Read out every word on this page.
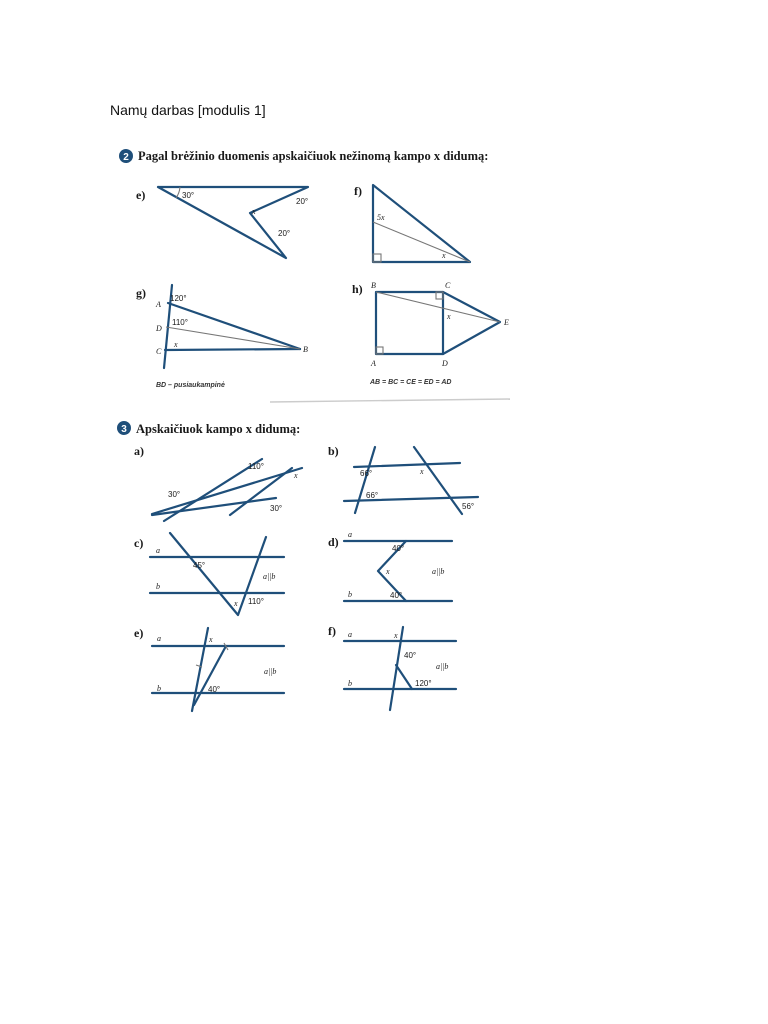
Namų darbas [modulis 1]
2 Pagal brėžinio duomenis apskaičiuok nežinomą kampo x didumą:
e)	30°
20°
x
20°
f)
5x
x
g)
A
D
C	B
120°
110°
x
BD – pusiaukampinė
h) B	C
E
A	D
x
AB = BC = CE = ED = AD
3 Apskaičiuok kampo x didumą:
a)
110°
x
30°
30°
b)
66°	x
66°
56°
c)
a
b
45°
a||b
x 110°
d)
a
b
40°
x	a||b
40°
e) a	x
a||b
b	40°
f) a	x
40°
a||b
b	120°
